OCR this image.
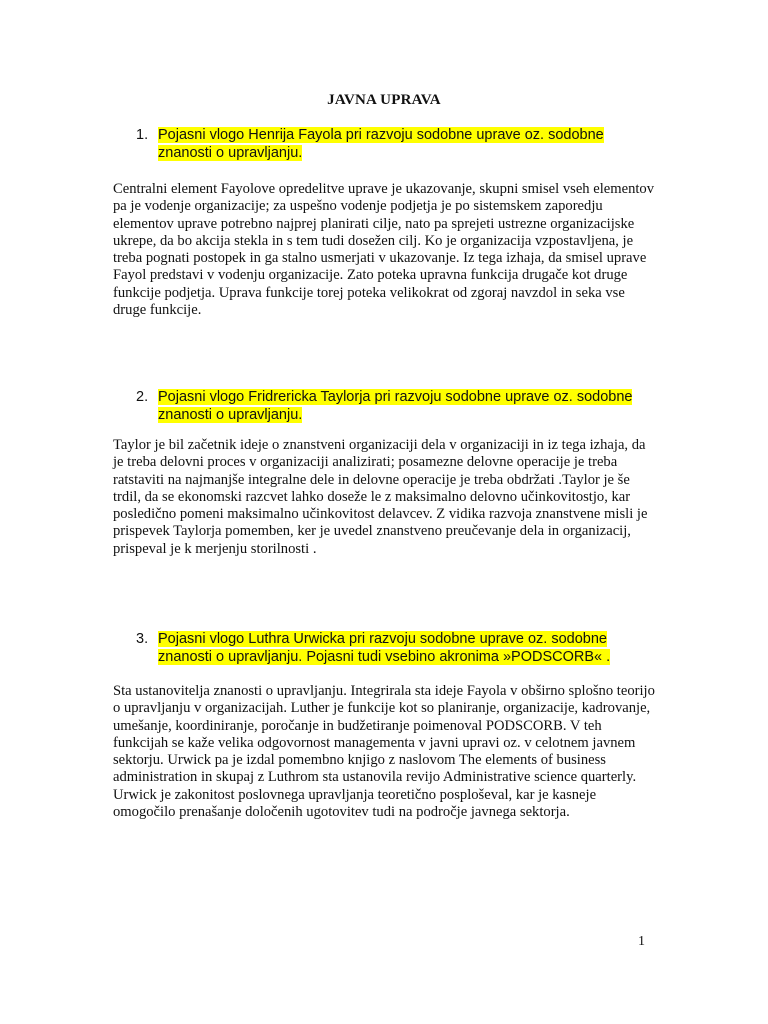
JAVNA UPRAVA
1. Pojasni vlogo Henrija Fayola pri razvoju sodobne uprave oz. sodobne znanosti o upravljanju.
Centralni element Fayolove opredelitve uprave je ukazovanje, skupni smisel vseh elementov pa je vodenje organizacije; za uspešno vodenje podjetja je po sistemskem zaporedju elementov uprave potrebno najprej planirati cilje, nato pa sprejeti ustrezne organizacijske ukrepe, da bo akcija stekla in s tem tudi dosežen cilj. Ko je organizacija vzpostavljena, je treba pognati postopek in ga stalno usmerjati v ukazovanje. Iz tega izhaja, da smisel uprave Fayol predstavi v vodenju organizacije. Zato poteka upravna funkcija drugače kot druge funkcije podjetja. Uprava funkcije torej poteka velikokrat od zgoraj navzdol in seka vse druge funkcije.
2. Pojasni vlogo Fridrericka Taylorja pri razvoju sodobne uprave oz. sodobne znanosti o upravljanju.
Taylor je bil začetnik ideje o znanstveni organizaciji dela v organizaciji in iz tega izhaja, da je treba delovni proces v organizaciji analizirati; posamezne delovne operacije je treba ratstaviti na najmanjše integralne dele in delovne operacije je treba obdržati .Taylor je še trdil, da se ekonomski razcvet lahko doseže le z maksimalno delovno učinkovitostjo, kar posledično pomeni maksimalno učinkovitost delavcev. Z vidika razvoja znanstvene misli je prispevek Taylorja pomemben, ker je uvedel znanstveno preučevanje dela in organizacij, prispeval je k merjenju storilnosti .
3. Pojasni vlogo Luthra Urwicka pri razvoju sodobne uprave oz. sodobne znanosti o upravljanju. Pojasni tudi vsebino akronima »PODSCORB« .
Sta ustanovitelja znanosti o upravljanju. Integrirala sta ideje Fayola v obširno splošno teorijo o upravljanju v organizacijah. Luther je funkcije kot so planiranje, organizacije, kadrovanje, umešanje, koordiniranje, poročanje in budžetiranje poimenoval PODSCORB. V teh funkcijah se kaže velika odgovornost managementa v javni upravi oz. v celotnem javnem sektorju. Urwick pa je izdal pomembno knjigo z naslovom The elements of business administration in skupaj z Luthrom sta ustanovila revijo Administrative science quarterly. Urwick je zakonitost poslovnega upravljanja teoretično posploševal, kar je kasneje omogočilo prenašanje določenih ugotovitev tudi na področje javnega sektorja.
1
